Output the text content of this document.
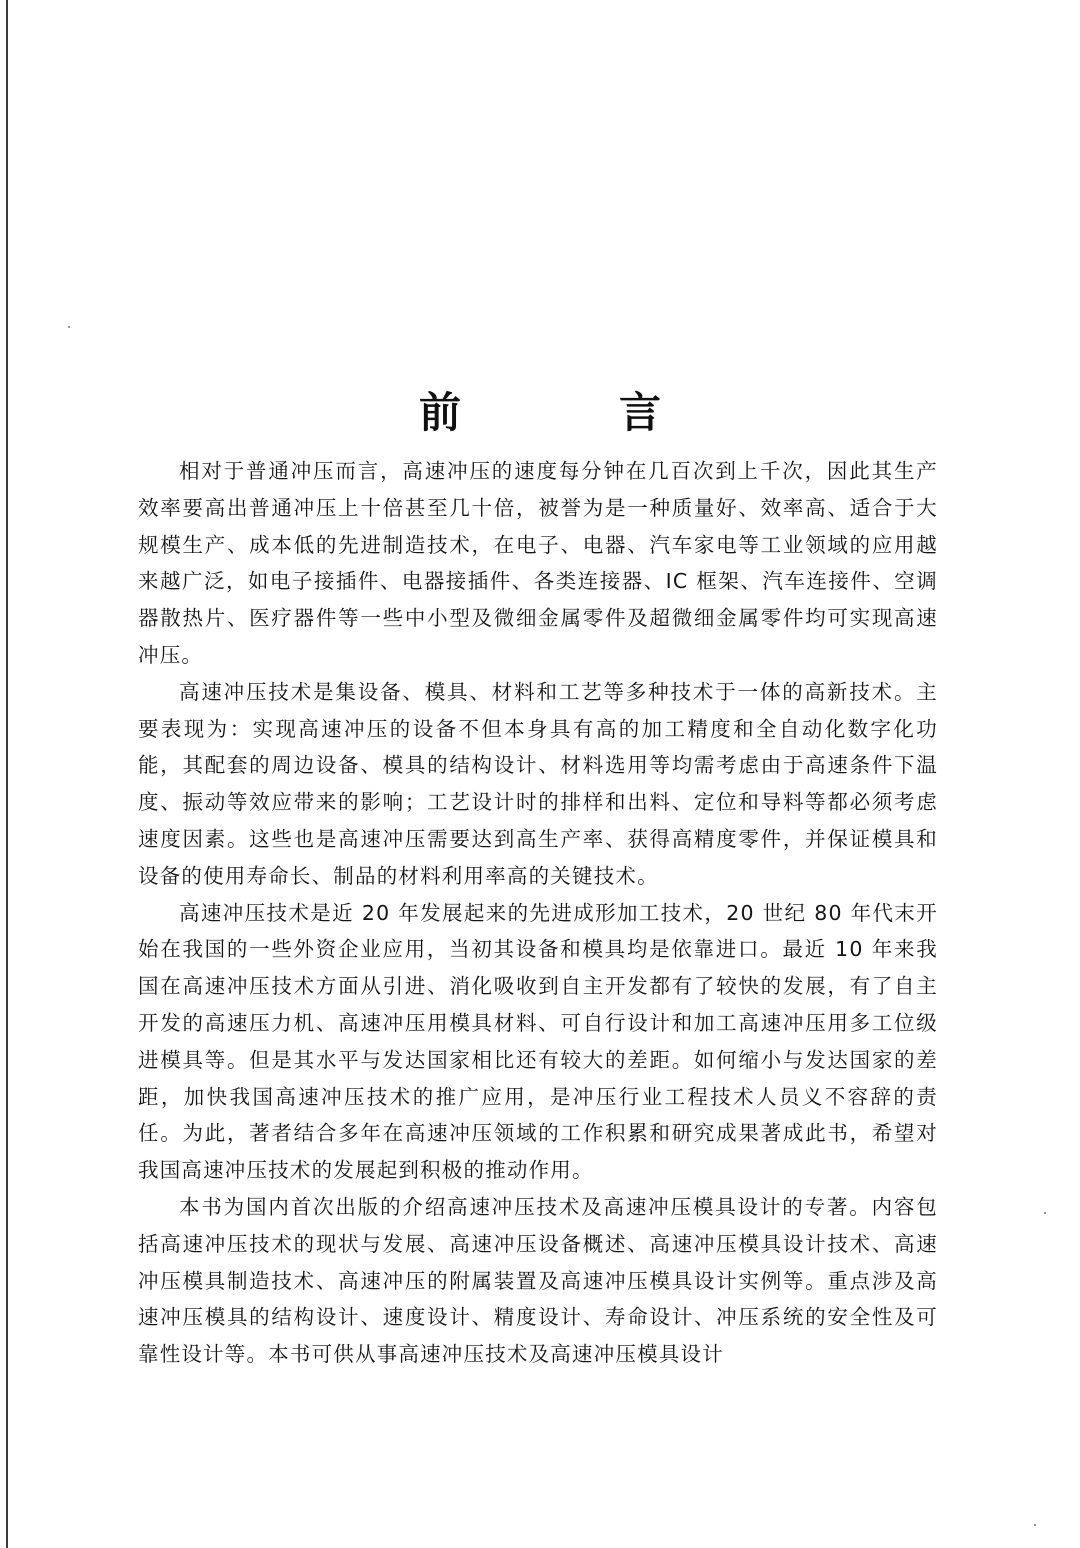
前　言

相对于普通冲压而言，高速冲压的速度每分钟在几百次到上千次，因此其生产效率要高出普通冲压上十倍甚至几十倍，被誉为是一种质量好、效率高、适合于大规模生产、成本低的先进制造技术，在电子、电器、汽车家电等工业领域的应用越来越广泛，如电子接插件、电器接插件、各类连接器、IC 框架、汽车连接件、空调器散热片、医疗器件等一些中小型及微细金属零件及超微细金属零件均可实现高速冲压。

高速冲压技术是集设备、模具、材料和工艺等多种技术于一体的高新技术。主要表现为：实现高速冲压的设备不但本身具有高的加工精度和全自动化数字化功能，其配套的周边设备、模具的结构设计、材料选用等均需考虑由于高速条件下温度、振动等效应带来的影响；工艺设计时的排样和出料、定位和导料等都必须考虑速度因素。这些也是高速冲压需要达到高生产率、获得高精度零件，并保证模具和设备的使用寿命长、制品的材料利用率高的关键技术。

高速冲压技术是近 20 年发展起来的先进成形加工技术，20 世纪 80 年代末开始在我国的一些外资企业应用，当初其设备和模具均是依靠进口。最近 10 年来我国在高速冲压技术方面从引进、消化吸收到自主开发都有了较快的发展，有了自主开发的高速压力机、高速冲压用模具材料、可自行设计和加工高速冲压用多工位级进模具等。但是其水平与发达国家相比还有较大的差距。如何缩小与发达国家的差距，加快我国高速冲压技术的推广应用，是冲压行业工程技术人员义不容辞的责任。为此，著者结合多年在高速冲压领域的工作积累和研究成果著成此书，希望对我国高速冲压技术的发展起到积极的推动作用。

本书为国内首次出版的介绍高速冲压技术及高速冲压模具设计的专著。内容包括高速冲压技术的现状与发展、高速冲压设备概述、高速冲压模具设计技术、高速冲压模具制造技术、高速冲压的附属装置及高速冲压模具设计实例等。重点涉及高速冲压模具的结构设计、速度设计、精度设计、寿命设计、冲压系统的安全性及可靠性设计等。本书可供从事高速冲压技术及高速冲压模具设计
